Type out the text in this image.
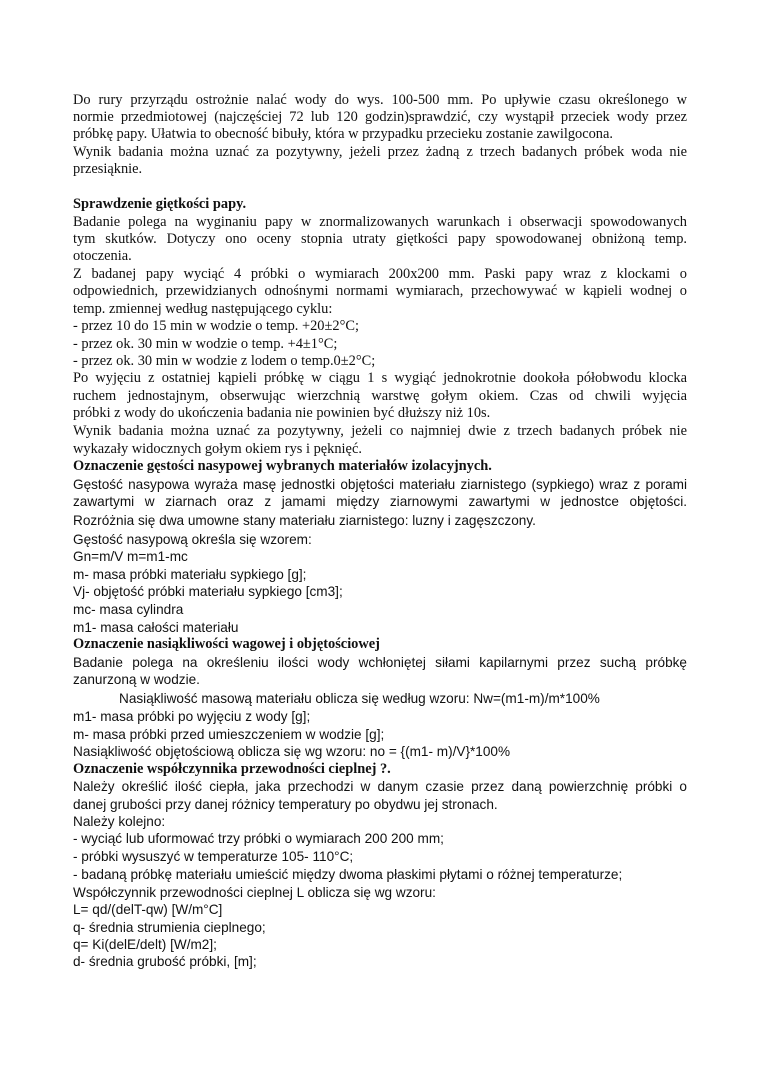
Do rury przyrządu ostrożnie nalać wody do wys. 100-500 mm. Po upływie czasu określonego w
normie przedmiotowej (najczęściej 72 lub 120 godzin)sprawdzić, czy wystąpił przeciek wody przez
próbkę papy. Ułatwia to obecność bibuły, która w przypadku przecieku zostanie zawilgocona.
Wynik badania można uznać za pozytywny, jeżeli przez żadną z trzech badanych próbek woda nie
przesiąknie.
Sprawdzenie giętkości papy.
Badanie polega na wyginaniu papy w znormalizowanych warunkach i obserwacji spowodowanych
tym skutków. Dotyczy ono oceny stopnia utraty giętkości papy spowodowanej obniżoną temp.
otoczenia.
Z badanej papy wyciąć 4 próbki o wymiarach 200x200 mm. Paski papy wraz z klockami o
odpowiednich, przewidzianych odnośnymi normami wymiarach, przechowywać w kąpieli wodnej o
temp. zmiennej według następującego cyklu:
- przez 10 do 15 min w wodzie o temp. +20±2°C;
- przez ok. 30 min w wodzie o temp. +4±1°C;
- przez ok. 30 min w wodzie z lodem o temp.0±2°C;
Po wyjęciu z ostatniej kąpieli próbkę w ciągu 1 s wygiąć jednokrotnie dookoła półobwodu klocka
ruchem jednostajnym, obserwując wierzchnią warstwę gołym okiem. Czas od chwili wyjęcia
próbki z wody do ukończenia badania nie powinien być dłuższy niż 10s.
Wynik badania można uznać za pozytywny, jeżeli co najmniej dwie z trzech badanych próbek nie
wykazały widocznych gołym okiem rys i pęknięć.
Oznaczenie gęstości nasypowej wybranych materiałów izolacyjnych.
Gęstość nasypowa wyraża masę jednostki objętości materiału ziarnistego (sypkiego) wraz z porami
zawartymi w ziarnach oraz z jamami między ziarnowymi zawartymi w jednostce objętości.
Rozróżnia się dwa umowne stany materiału ziarnistego: luzny i zagęszczony.
Gęstość nasypową określa się wzorem:
Gn=m/V m=m1-mc
m- masa próbki materiału sypkiego [g];
Vj- objętość próbki materiału sypkiego [cm3];
mc- masa cylindra
m1- masa całości materiału
Oznaczenie nasiąkliwości wagowej i objętościowej
Badanie polega na określeniu ilości wody wchłoniętej siłami kapilarnymi przez suchą próbkę
zanurzoną w wodzie.
Nasiąkliwość masową materiału oblicza się według wzoru: Nw=(m1-m)/m*100%
m1- masa próbki po wyjęciu z wody [g];
m- masa próbki przed umieszczeniem w wodzie [g];
Nasiąkliwość objętościową oblicza się wg wzoru: no = {(m1- m)/V}*100%
Oznaczenie współczynnika przewodności cieplnej ?.
Należy określić ilość ciepła, jaka przechodzi w danym czasie przez daną powierzchnię próbki o
danej grubości przy danej różnicy temperatury po obydwu jej stronach.
Należy kolejno:
- wyciąć lub uformować trzy próbki o wymiarach 200 200 mm;
- próbki wysuszyć w temperaturze 105- 110°C;
- badaną próbkę materiału umieścić między dwoma płaskimi płytami o różnej temperaturze;
Współczynnik przewodności cieplnej L oblicza się wg wzoru:
L= qd/(delT-qw) [W/m°C]
q- średnia strumienia cieplnego;
q= Ki(delE/delt) [W/m2];
d- średnia grubość próbki, [m];
